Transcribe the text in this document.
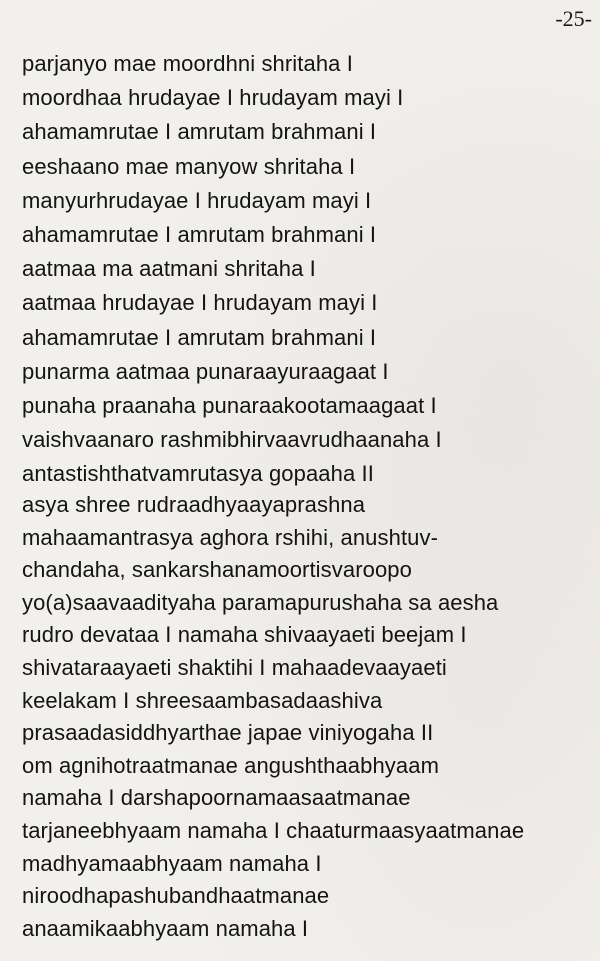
-25-
parjanyo mae moordhni shritaha I
moordhaa hrudayae I hrudayam mayi I
ahamamrutae I amrutam brahmani I
eeshaano mae manyow shritaha I
manyurhrudayae I hrudayam mayi I
ahamamrutae I amrutam brahmani I
aatmaa ma aatmani shritaha I
aatmaa hrudayae I hrudayam mayi I
ahamamrutae I amrutam brahmani I
punarma aatmaa punaraayuraagaat I
punaha praanaha punaraakootamaagaat I
vaishvaanaro rashmibhirvaavrudhaanaha I
antastishthatvamrutasya gopaaha II
asya shree rudraadhyaayaprashna
mahaamantrasya aghora rshihi, anushtuv-
chandaha, sankarshanamoortisvaroopo
yo(a)saavaadityaha paramapurushaha sa aesha
rudro devataa I namaha shivaayaeti beejam I
shivataraayaeti shaktihi I mahaadevaayaeti
keelakam I shreesaambasadaashiva
prasaadasiddhyarthae japae viniyogaha II
om agnihotraatmanae angushthaabhyaam
namaha I darshapoornamaasaatmanae
tarjaneebhyaam namaha I chaaturmaasyaatmanae
madhyamaabhyaam namaha I
niroodhapashubandhaatmanae
anaamikaabhyaam namaha I
